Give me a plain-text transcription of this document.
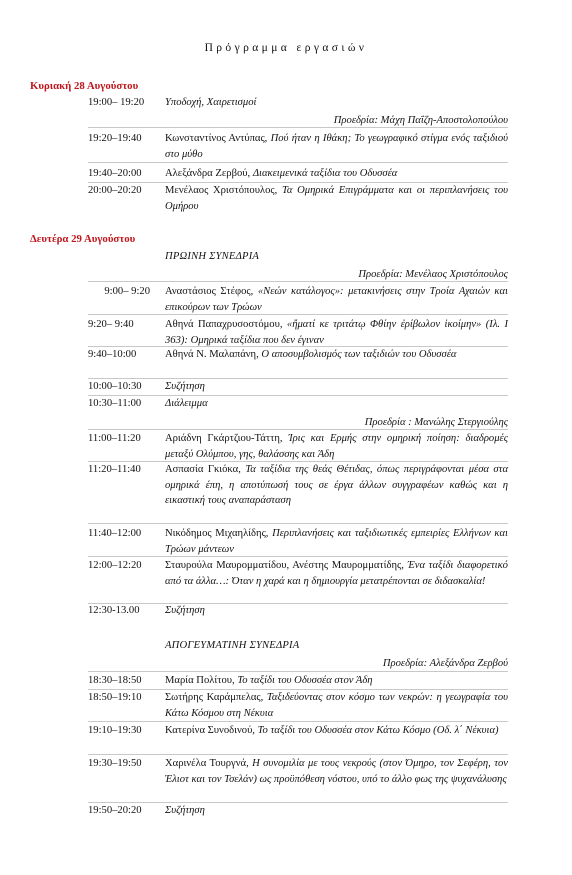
Πρόγραμμα εργασιών
Κυριακή 28 Αυγούστου
19:00– 19:20	Υποδοχή, Χαιρετισμοί
Προεδρία: Μάχη Παΐζη-Αποστολοπούλου
19:20–19:40	Κωνσταντίνος Αντύπας, Πού ήταν η Ιθάκη; Το γεωγραφικό στίγμα ενός ταξιδιού στο μύθο
19:40–20:00	Αλεξάνδρα Ζερβού, Διακειμενικά ταξίδια του Οδυσσέα
20:00–20:20	Μενέλαος Χριστόπουλος, Τα Ομηρικά Επιγράμματα και οι περιπλανήσεις του Ομήρου
Δευτέρα 29 Αυγούστου
ΠΡΩΙΝΗ ΣΥΝΕΔΡΙΑ
Προεδρία: Μενέλαος Χριστόπουλος
9:00– 9:20 Αναστάσιος Στέφος, «Νεών κατάλογος»: μετακινήσεις στην Τροία Αχαιών και επικούρων των Τρώων
9:20– 9:40	Αθηνά Παπαχρυσοστόμου, «ἤματί κε τριτάτῳ Φθίην ἐρίβωλον ἱκοίμην» (Ιλ. Ι 363): Ομηρικά ταξίδια που δεν έγιναν
9:40–10:00	Αθηνά Ν. Μαλαπάνη, Ο αποσυμβολισμός των ταξιδιών του Οδυσσέα
10:00–10:30	Συζήτηση
10:30–11:00	Διάλειμμα
Προεδρία : Μανώλης Στεργιούλης
11:00–11:20	Αριάδνη Γκάρτζιου-Τάττη, Ίρις και Ερμής στην ομηρική ποίηση: διαδρομές μεταξύ Ολύμπου, γης, θαλάσσης και Άδη
11:20–11:40	Ασπασία Γκιόκα, Τα ταξίδια της θεάς Θέτιδας, όπως περιγράφονται μέσα στα ομηρικά έπη, η αποτύπωσή τους σε έργα άλλων συγγραφέων καθώς και η εικαστική τους αναπαράσταση
11:40–12:00	Νικόδημος Μιχαηλίδης, Περιπλανήσεις και ταξιδιωτικές εμπειρίες Ελλήνων και Τρώων μάντεων
12:00–12:20	Σταυρούλα Μαυρομματίδου, Ανέστης Μαυρομματίδης, Ένα ταξίδι διαφορετικό από τα άλλα…: Όταν η χαρά και η δημιουργία μετατρέπονται σε διδασκαλία!
12:30-13.00	Συζήτηση
ΑΠΟΓΕΥΜΑΤΙΝΗ ΣΥΝΕΔΡΙΑ
Προεδρία: Αλεξάνδρα Ζερβού
18:30–18:50	Μαρία Πολίτου, Το ταξίδι του Οδυσσέα στον Άδη
18:50–19:10	Σωτήρης Καράμπελας, Ταξιδεύοντας στον κόσμο των νεκρών: η γεωγραφία του Κάτω Κόσμου στη Νέκυια
19:10–19:30	Κατερίνα Συνοδινού, Το ταξίδι του Οδυσσέα στον Κάτω Κόσμο (Οδ. λ΄ Νέκυια)
19:30–19:50	Χαρινέλα Τουργνά, Η συνομιλία με τους νεκρούς (στον Όμηρο, τον Σεφέρη, τον Έλιοτ και τον Τσελάν) ως προϋπόθεση νόστου, υπό το άλλο φως της ψυχανάλυσης
19:50–20:20	Συζήτηση
